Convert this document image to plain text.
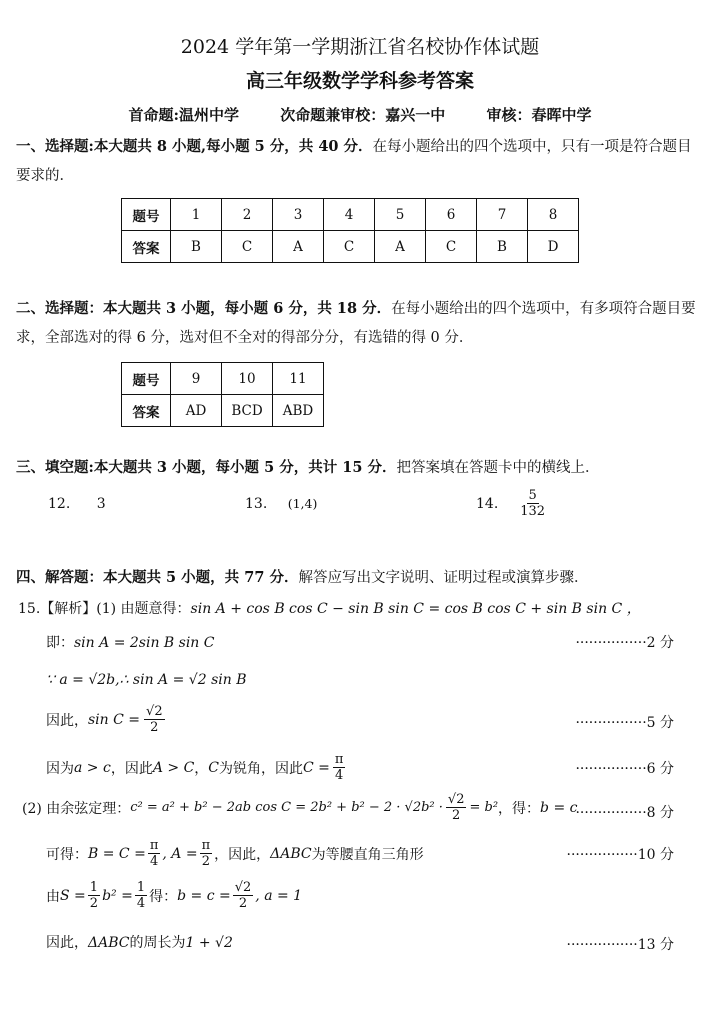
2024 学年第一学期浙江省名校协作体试题
高三年级数学学科参考答案
首命题:温州中学	次命题兼审校：嘉兴一中	审核：春晖中学
一、选择题:本大题共 8 小题,每小题 5 分，共 40 分．在每小题给出的四个选项中，只有一项是符合题目要求的．
题号	1	2	3	4	5	6	7	8
答案	B	C	A	C	A	C	B	D
二、选择题：本大题共 3 小题，每小题 6 分，共 18 分．在每小题给出的四个选项中，有多项符合题目要求，全部选对的得 6 分，选对但不全对的得部分分，有选错的得 0 分．
题号	9	10	11
答案	AD	BCD	ABD
三、填空题:本大题共 3 小题，每小题 5 分，共计 15 分．把答案填在答题卡中的横线上．
12. 3	13. (1,4)	14. $\frac{5}{132}$
四、解答题：本大题共 5 小题，共 77 分．解答应写出文字说明、证明过程或演算步骤．
15.【解析】(1) 由题意得：sin A + cos B cos C − sin B sin C = cos B cos C + sin B sin C ，
即：sin A = 2sin B sin C	················2 分
∵ a = √2b,∴ sin A = √2 sin B
因此， $\sin C = \frac{√2}{2}$	················5 分
因为 a > c ，因此 A > C ， C 为锐角，因此 $C = \frac{\pi}{4}$	················6 分
(2) 由余弦定理： c² = a² + b² − 2ab $\cos C = 2b^2 + b^2 - 2 \cdot √2b^2 \cdot \frac{√2}{2} = b^2$ ，得： b = c
················8 分
可得： $B = C = \frac{\pi}{4}$ , $A = \frac{\pi}{2}$ ，因此， ΔABC 为等腰直角三角形	················10 分
由 $S = \frac{1}{2} b^2 = \frac{1}{4}$ 得： $b = c = \frac{√2}{2}$ , a = 1
因此，ΔABC的周长为1 + √2	················13 分
